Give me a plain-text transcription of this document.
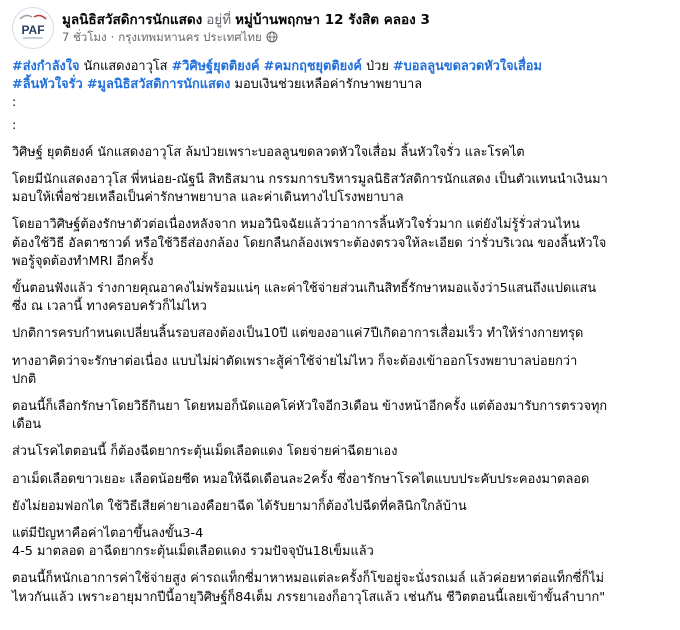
PAF
มูลนิธิสวัสดิการนักแสดง อยู่ที่ หมู่บ้านพฤกษา 12 รังสิต คลอง 3
7 ชั่วโมง · กรุงเทพมหานคร ประเทศไทย

#ส่งกำลังใจ นักแสดงอาวุโส #วิศิษฐ์ยุตติยงค์ #คมกฤชยุตติยงค์ ป่วย #บอลลูนขดลวดหัวใจเสื่อม
#ลิ้นหัวใจรั่ว #มูลนิธิสวัสดิการนักแสดง มอบเงินช่วยเหลือค่ารักษาพยาบาล

:

:

วิศิษฐ์ ยุตติยงค์ นักแสดงอาวุโส ล้มป่วยเพราะบอลลูนขดลวดหัวใจเสื่อม ลิ้นหัวใจรั่ว และโรคไต

โดยมีนักแสดงอาวุโส พี่หน่อย-ณัฐนี สิทธิสมาน กรรมการบริหารมูลนิธิสวัสดิการนักแสดง เป็นตัวแทนนำเงินมา
มอบให้เพื่อช่วยเหลือเป็นค่ารักษาพยาบาล และค่าเดินทางไปโรงพยาบาล

โดยอาวิศิษฐ์ต้องรักษาตัวต่อเนื่องหลังจาก หมอวินิจฉัยแล้วว่าอาการลิ้นหัวใจรั่วมาก แต่ยังไม่รู้รั่วส่วนไหน
ต้องใช้วิธี อัลตาซาวด์ หรือใช้วิธีส่องกล้อง โดยกลืนกล้องเพราะต้องตรวจให้ละเอียด ว่ารั่วบริเวณ ของลิ้นหัวใจ
พอรู้จุดต้องทำMRI อีกครั้ง

ขั้นตอนฟังแล้ว ร่างกายคุณอาคงไม่พร้อมแน่ๆ และค่าใช้จ่ายส่วนเกินสิทธิ์รักษาหมอแจ้งว่า5แสนถึงแปดแสน
ซึ่ง ณ เวลานี้ ทางครอบครัวก็ไม่ไหว

ปกติการครบกำหนดเปลี่ยนลิ้นรอบสองต้องเป็น10ปี แต่ของอาแค่7ปีเกิดอาการเสื่อมเร็ว ทำให้ร่างกายทรุด

ทางอาคิดว่าจะรักษาต่อเนื่อง แบบไม่ผ่าตัดเพราะสู้ค่าใช้จ่ายไม่ไหว ก็จะต้องเข้าออกโรงพยาบาลบ่อยกว่า
ปกติ

ตอนนี้ก็เลือกรักษาโดยวิธีกินยา โดยหมอก็นัดแอคโค่หัวใจอีก3เดือน ข้างหน้าอีกครั้ง แต่ต้องมารับการตรวจทุก
เดือน

ส่วนโรคไตตอนนี้ ก็ต้องฉีดยากระตุ้นเม็ดเลือดแดง โดยจ่ายค่าฉีดยาเอง

อาเม็ดเลือดขาวเยอะ เลือดน้อยซีด หมอให้ฉีดเดือนละ2ครั้ง ซึ่งอารักษาโรคไตแบบประคับประคองมาตลอด

ยังไม่ยอมฟอกไต ใช้วิธีเสียค่ายาเองคือยาฉีด ได้รับยามาก็ต้องไปฉีดที่คลินิกใกล้บ้าน

แต่มีปัญหาคือค่าไตอาขึ้นลงขั้น3-4
4-5 มาตลอด อาฉีดยากระตุ้นเม็ดเลือดแดง รวมปัจจุบัน18เข็มแล้ว

ตอนนี้ก็หนักเอาการค่าใช้จ่ายสูง ค่ารถแท็กซี่มาหาหมอแต่ละครั้งก็โขอยู่จะนั่งรถเมล์ แล้วค่อยหาต่อแท็กซี่ก็ไม่
ไหวกันแล้ว เพราะอายุมากปีนี้อายุวิศิษฐ์ก็84เต็ม ภรรยาเองก็อาวุโสแล้ว เช่นกัน ชีวิตตอนนี้เลยเข้าขั้นลำบาก"
